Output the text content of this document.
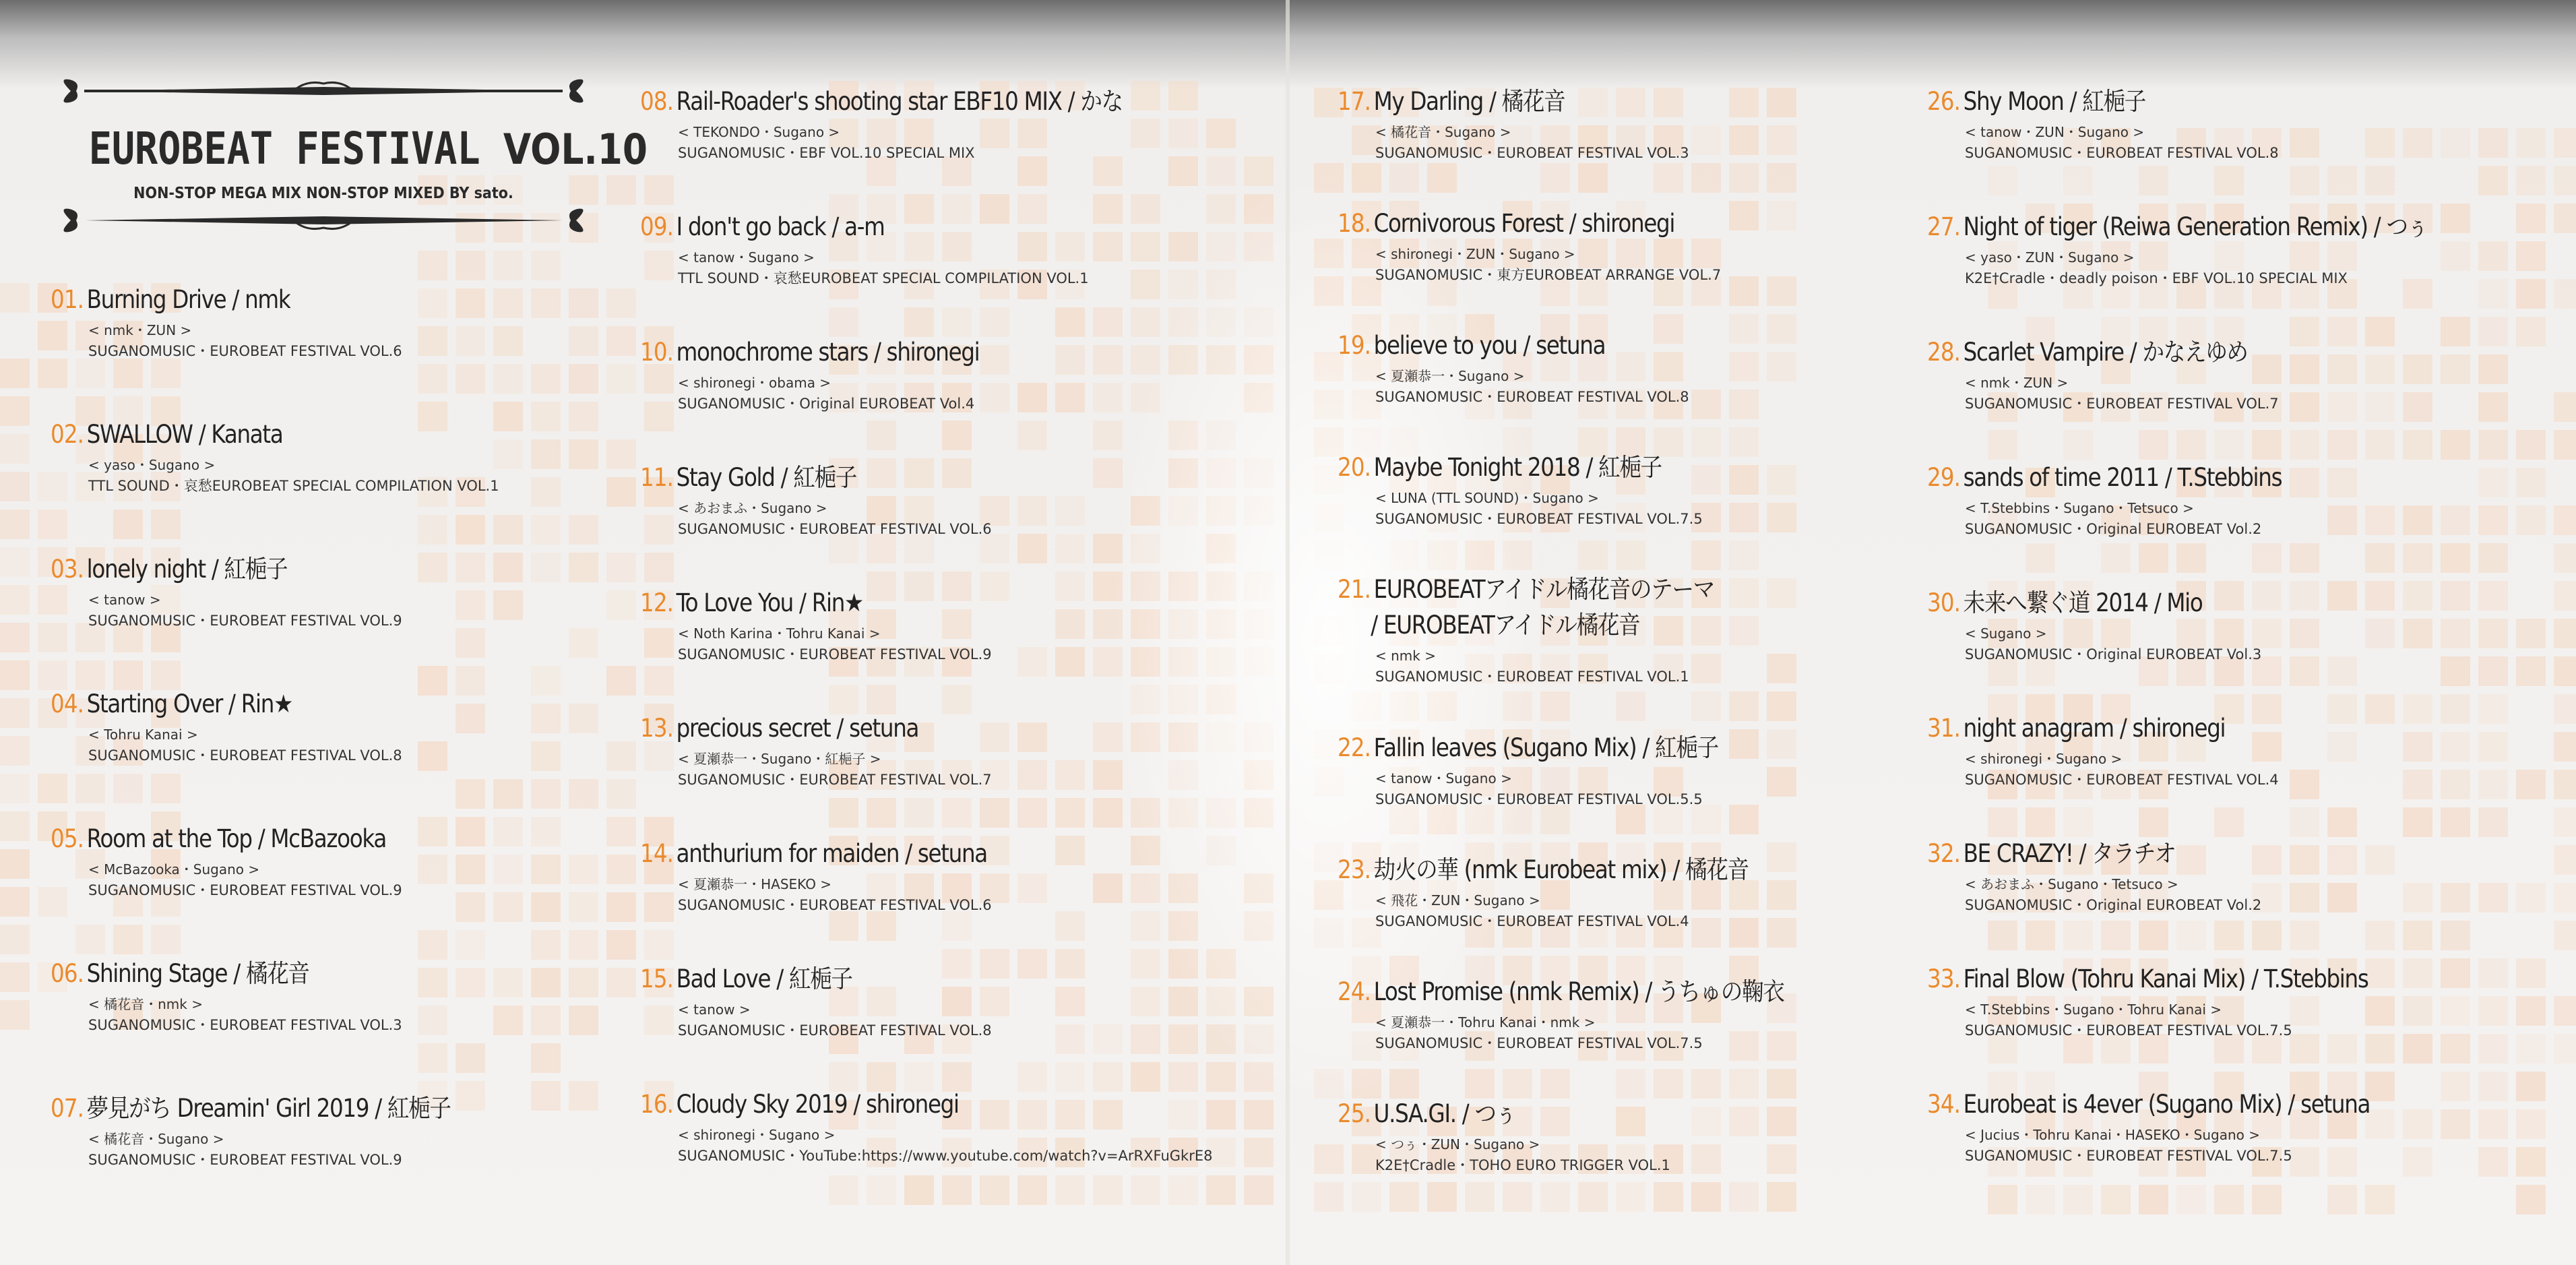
EUROBEAT FESTIVAL VOL.10
NON-STOP MEGA MIX NON-STOP MIXED BY sato.
01. Burning Drive / nmk
< nmk・ZUN >
SUGANOMUSIC・EUROBEAT FESTIVAL VOL.6
02. SWALLOW / Kanata
< yaso・Sugano >
TTL SOUND・哀愁EUROBEAT SPECIAL COMPILATION VOL.1
03. lonely night / 紅梔子
< tanow >
SUGANOMUSIC・EUROBEAT FESTIVAL VOL.9
04. Starting Over / Rin★
< Tohru Kanai >
SUGANOMUSIC・EUROBEAT FESTIVAL VOL.8
05. Room at the Top / McBazooka
< McBazooka・Sugano >
SUGANOMUSIC・EUROBEAT FESTIVAL VOL.9
06. Shining Stage / 橘花音
< 橘花音・nmk >
SUGANOMUSIC・EUROBEAT FESTIVAL VOL.3
07. 夢見がち Dreamin' Girl 2019 / 紅梔子
< 橘花音・Sugano >
SUGANOMUSIC・EUROBEAT FESTIVAL VOL.9
08. Rail-Roader's shooting star EBF10 MIX / かな
< TEKONDO・Sugano >
SUGANOMUSIC・EBF VOL.10 SPECIAL MIX
09. I don't go back / a-m
< tanow・Sugano >
TTL SOUND・哀愁EUROBEAT SPECIAL COMPILATION VOL.1
10. monochrome stars / shironegi
< shironegi・obama >
SUGANOMUSIC・Original EUROBEAT Vol.4
11. Stay Gold / 紅梔子
< あおまふ・Sugano >
SUGANOMUSIC・EUROBEAT FESTIVAL VOL.6
12. To Love You / Rin★
< Noth Karina・Tohru Kanai >
SUGANOMUSIC・EUROBEAT FESTIVAL VOL.9
13. precious secret / setuna
< 夏瀬恭一・Sugano・紅梔子 >
SUGANOMUSIC・EUROBEAT FESTIVAL VOL.7
14. anthurium for maiden / setuna
< 夏瀬恭一・HASEKO >
SUGANOMUSIC・EUROBEAT FESTIVAL VOL.6
15. Bad Love / 紅梔子
< tanow >
SUGANOMUSIC・EUROBEAT FESTIVAL VOL.8
16. Cloudy Sky 2019 / shironegi
< shironegi・Sugano >
SUGANOMUSIC・YouTube:https://www.youtube.com/watch?v=ArRXFuGkrE8
17. My Darling / 橘花音
< 橘花音・Sugano >
SUGANOMUSIC・EUROBEAT FESTIVAL VOL.3
18. Cornivorous Forest / shironegi
< shironegi・ZUN・Sugano >
SUGANOMUSIC・東方EUROBEAT ARRANGE VOL.7
19. believe to you / setuna
< 夏瀬恭一・Sugano >
SUGANOMUSIC・EUROBEAT FESTIVAL VOL.8
20. Maybe Tonight 2018 / 紅梔子
< LUNA (TTL SOUND)・Sugano >
SUGANOMUSIC・EUROBEAT FESTIVAL VOL.7.5
21. EUROBEATアイドル橘花音のテーマ
/ EUROBEATアイドル橘花音
< nmk >
SUGANOMUSIC・EUROBEAT FESTIVAL VOL.1
22. Fallin leaves (Sugano Mix) / 紅梔子
< tanow・Sugano >
SUGANOMUSIC・EUROBEAT FESTIVAL VOL.5.5
23. 劫火の華 (nmk Eurobeat mix) / 橘花音
< 飛花・ZUN・Sugano >
SUGANOMUSIC・EUROBEAT FESTIVAL VOL.4
24. Lost Promise (nmk Remix) / うちゅの鞠衣
< 夏瀬恭一・Tohru Kanai・nmk >
SUGANOMUSIC・EUROBEAT FESTIVAL VOL.7.5
25. U.SA.GI. / つぅ
< つぅ・ZUN・Sugano >
K2E†Cradle・TOHO EURO TRIGGER VOL.1
26. Shy Moon / 紅梔子
< tanow・ZUN・Sugano >
SUGANOMUSIC・EUROBEAT FESTIVAL VOL.8
27. Night of tiger (Reiwa Generation Remix) / つぅ
< yaso・ZUN・Sugano >
K2E†Cradle・deadly poison・EBF VOL.10 SPECIAL MIX
28. Scarlet Vampire / かなえゆめ
< nmk・ZUN >
SUGANOMUSIC・EUROBEAT FESTIVAL VOL.7
29. sands of time 2011 / T.Stebbins
< T.Stebbins・Sugano・Tetsuco >
SUGANOMUSIC・Original EUROBEAT Vol.2
30. 未来へ繋ぐ道 2014 / Mio
< Sugano >
SUGANOMUSIC・Original EUROBEAT Vol.3
31. night anagram / shironegi
< shironegi・Sugano >
SUGANOMUSIC・EUROBEAT FESTIVAL VOL.4
32. BE CRAZY! / タラチオ
< あおまふ・Sugano・Tetsuco >
SUGANOMUSIC・Original EUROBEAT Vol.2
33. Final Blow (Tohru Kanai Mix) / T.Stebbins
< T.Stebbins・Sugano・Tohru Kanai >
SUGANOMUSIC・EUROBEAT FESTIVAL VOL.7.5
34. Eurobeat is 4ever (Sugano Mix) / setuna
< Jucius・Tohru Kanai・HASEKO・Sugano >
SUGANOMUSIC・EUROBEAT FESTIVAL VOL.7.5
